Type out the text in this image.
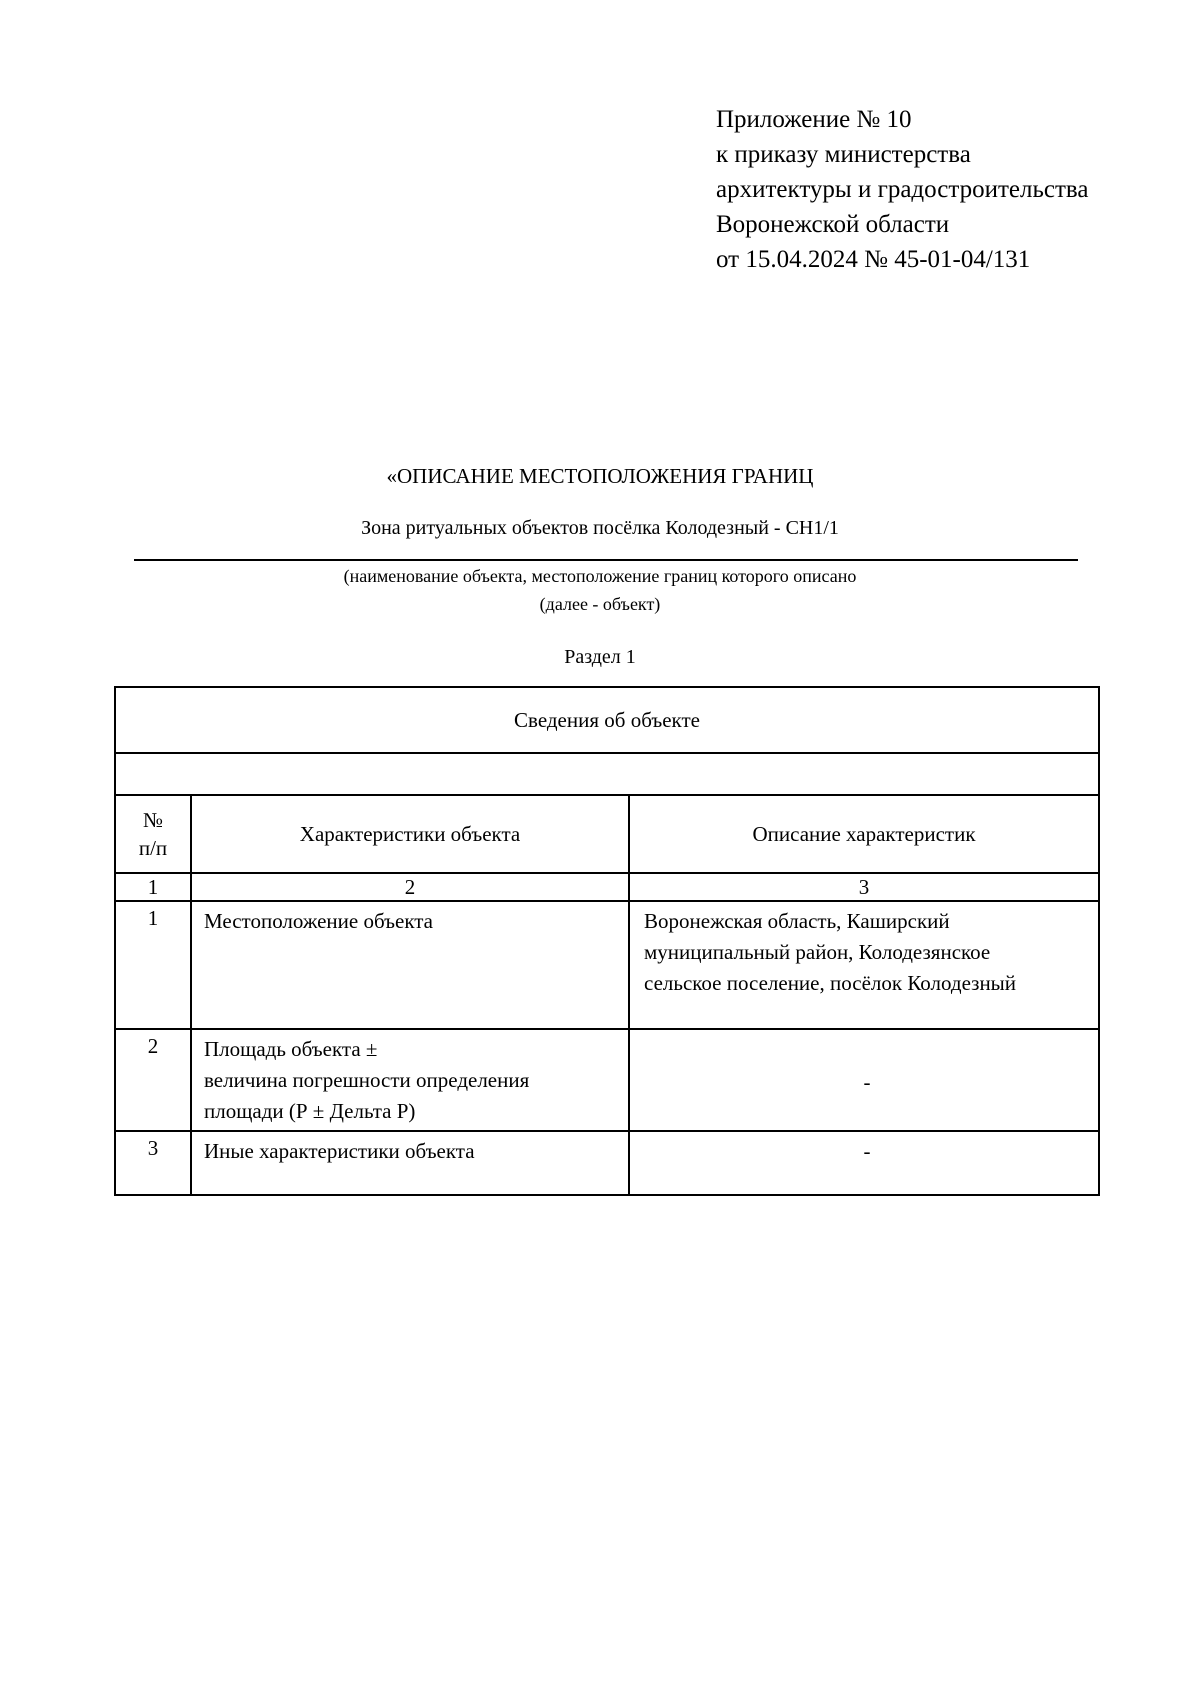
Приложение № 10
к приказу министерства
архитектуры и градостроительства
Воронежской области
от 15.04.2024 № 45-01-04/131
«ОПИСАНИЕ МЕСТОПОЛОЖЕНИЯ ГРАНИЦ
Зона ритуальных объектов посёлка Колодезный - СН1/1
(наименование объекта, местоположение границ которого описано
(далее - объект)
Раздел 1
Сведения об объекте		

№
п/п	Характеристики объекта	Описание характеристик
1	2	3
1	Местоположение объекта	Воронежская область, Каширский
муниципальный район, Колодезянское
сельское поселение, посёлок Колодезный

2	Площадь объекта ±
величина погрешности определения
площади (Р ± Дельта Р)	-
3	Иные характеристики объекта	-
